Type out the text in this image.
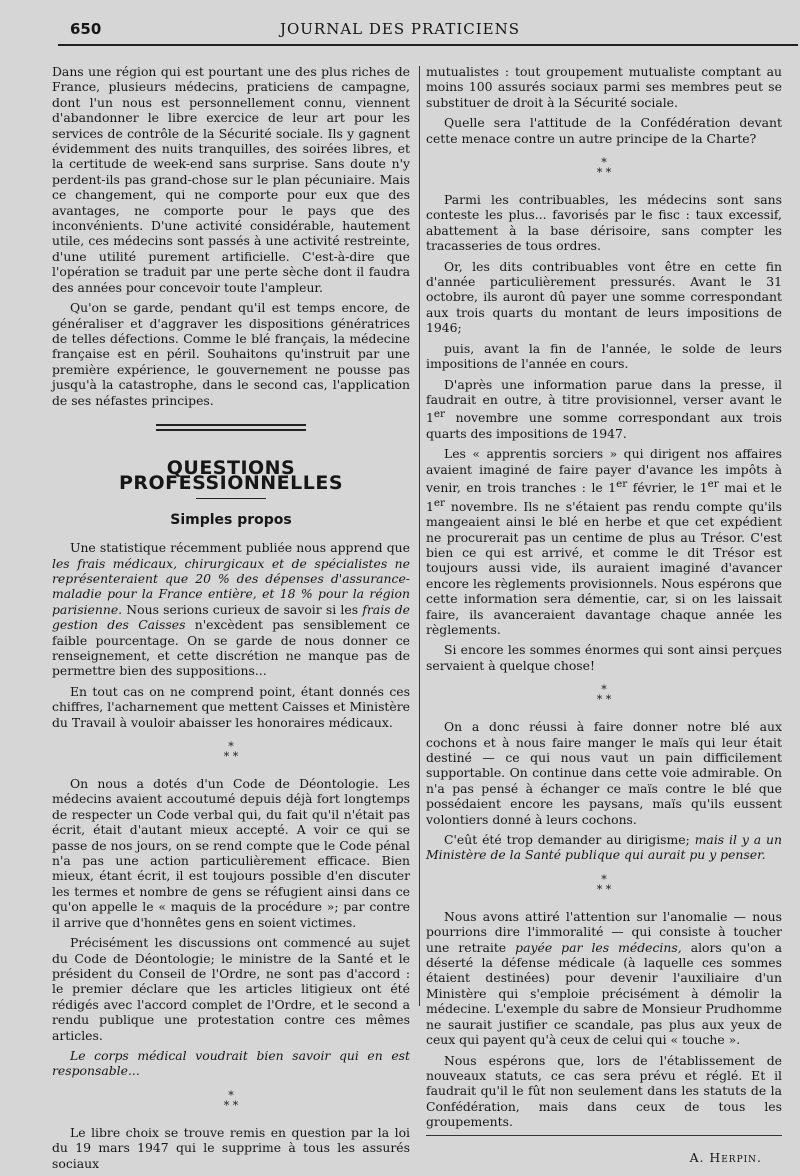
650	JOURNAL DES PRATICIENS

Dans une région qui est pourtant une des plus riches de France, plusieurs médecins, praticiens de campagne, dont l'un nous est personnellement connu, viennent d'abandonner le libre exercice de leur art pour les services de contrôle de la Sécurité sociale. Ils y gagnent évidemment des nuits tranquilles, des soirées libres, et la certitude de week-end sans surprise. Sans doute n'y perdent-ils pas grand-chose sur le plan pécuniaire. Mais ce changement, qui ne comporte pour eux que des avantages, ne comporte pour le pays que des inconvénients. D'une activité considérable, hautement utile, ces médecins sont passés à une activité restreinte, d'une utilité purement artificielle. C'est-à-dire que l'opération se traduit par une perte sèche dont il faudra des années pour concevoir toute l'ampleur.

Qu'on se garde, pendant qu'il est temps encore, de généraliser et d'aggraver les dispositions génératrices de telles défections. Comme le blé français, la médecine française est en péril. Souhaitons qu'instruit par une première expérience, le gouvernement ne pousse pas jusqu'à la catastrophe, dans le second cas, l'application de ses néfastes principes.

QUESTIONS PROFESSIONNELLES
Simples propos

Une statistique récemment publiée nous apprend que les frais médicaux, chirurgicaux et de spécialistes ne représenteraient que 20 % des dépenses d'assurance-maladie pour la France entière, et 18 % pour la région parisienne. Nous serions curieux de savoir si les frais de gestion des Caisses n'excèdent pas sensiblement ce faible pourcentage. On se garde de nous donner ce renseignement, et cette discrétion ne manque pas de permettre bien des suppositions...

En tout cas on ne comprend point, étant donnés ces chiffres, l'acharnement que mettent Caisses et Ministère du Travail à vouloir abaisser les honoraires médicaux.

*
* *

On nous a dotés d'un Code de Déontologie. Les médecins avaient accoutumé depuis déjà fort longtemps de respecter un Code verbal qui, du fait qu'il n'était pas écrit, était d'autant mieux accepté. A voir ce qui se passe de nos jours, on se rend compte que le Code pénal n'a pas une action particulièrement efficace. Bien mieux, étant écrit, il est toujours possible d'en discuter les termes et nombre de gens se réfugient ainsi dans ce qu'on appelle le « maquis de la procédure »; par contre il arrive que d'honnêtes gens en soient victimes.

Précisément les discussions ont commencé au sujet du Code de Déontologie; le ministre de la Santé et le président du Conseil de l'Ordre, ne sont pas d'accord : le premier déclare que les articles litigieux ont été rédigés avec l'accord complet de l'Ordre, et le second a rendu publique une protestation contre ces mêmes articles.

Le corps médical voudrait bien savoir qui en est responsable...

*
* *

Le libre choix se trouve remis en question par la loi du 19 mars 1947 qui le supprime à tous les assurés sociaux

mutualistes : tout groupement mutualiste comptant au moins 100 assurés sociaux parmi ses membres peut se substituer de droit à la Sécurité sociale.

Quelle sera l'attitude de la Confédération devant cette menace contre un autre principe de la Charte?

*
* *

Parmi les contribuables, les médecins sont sans conteste les plus... favorisés par le fisc : taux excessif, abattement à la base dérisoire, sans compter les tracasseries de tous ordres.

Or, les dits contribuables vont être en cette fin d'année particulièrement pressurés. Avant le 31 octobre, ils auront dû payer une somme correspondant aux trois quarts du montant de leurs impositions de 1946;

puis, avant la fin de l'année, le solde de leurs impositions de l'année en cours.

D'après une information parue dans la presse, il faudrait en outre, à titre provisionnel, verser avant le 1er novembre une somme correspondant aux trois quarts des impositions de 1947.

Les « apprentis sorciers » qui dirigent nos affaires avaient imaginé de faire payer d'avance les impôts à venir, en trois tranches : le 1er février, le 1er mai et le 1er novembre. Ils ne s'étaient pas rendu compte qu'ils mangeaient ainsi le blé en herbe et que cet expédient ne procurerait pas un centime de plus au Trésor. C'est bien ce qui est arrivé, et comme le dit Trésor est toujours aussi vide, ils auraient imaginé d'avancer encore les règlements provisionnels. Nous espérons que cette information sera démentie, car, si on les laissait faire, ils avanceraient davantage chaque année les règlements.

Si encore les sommes énormes qui sont ainsi perçues servaient à quelque chose!

*
* *

On a donc réussi à faire donner notre blé aux cochons et à nous faire manger le maïs qui leur était destiné — ce qui nous vaut un pain difficilement supportable. On continue dans cette voie admirable. On n'a pas pensé à échanger ce maïs contre le blé que possédaient encore les paysans, maïs qu'ils eussent volontiers donné à leurs cochons.

C'eût été trop demander au dirigisme; mais il y a un Ministère de la Santé publique qui aurait pu y penser.

*
* *

Nous avons attiré l'attention sur l'anomalie — nous pourrions dire l'immoralité — qui consiste à toucher une retraite payée par les médecins, alors qu'on a déserté la défense médicale (à laquelle ces sommes étaient destinées) pour devenir l'auxiliaire d'un Ministère qui s'emploie précisément à démolir la médecine. L'exemple du sabre de Monsieur Prudhomme ne saurait justifier ce scandale, pas plus aux yeux de ceux qui payent qu'à ceux de celui qui « touche ».

Nous espérons que, lors de l'établissement de nouveaux statuts, ce cas sera prévu et réglé. Et il faudrait qu'il le fût non seulement dans les statuts de la Confédération, mais dans ceux de tous les groupements.

A. Herpin.
